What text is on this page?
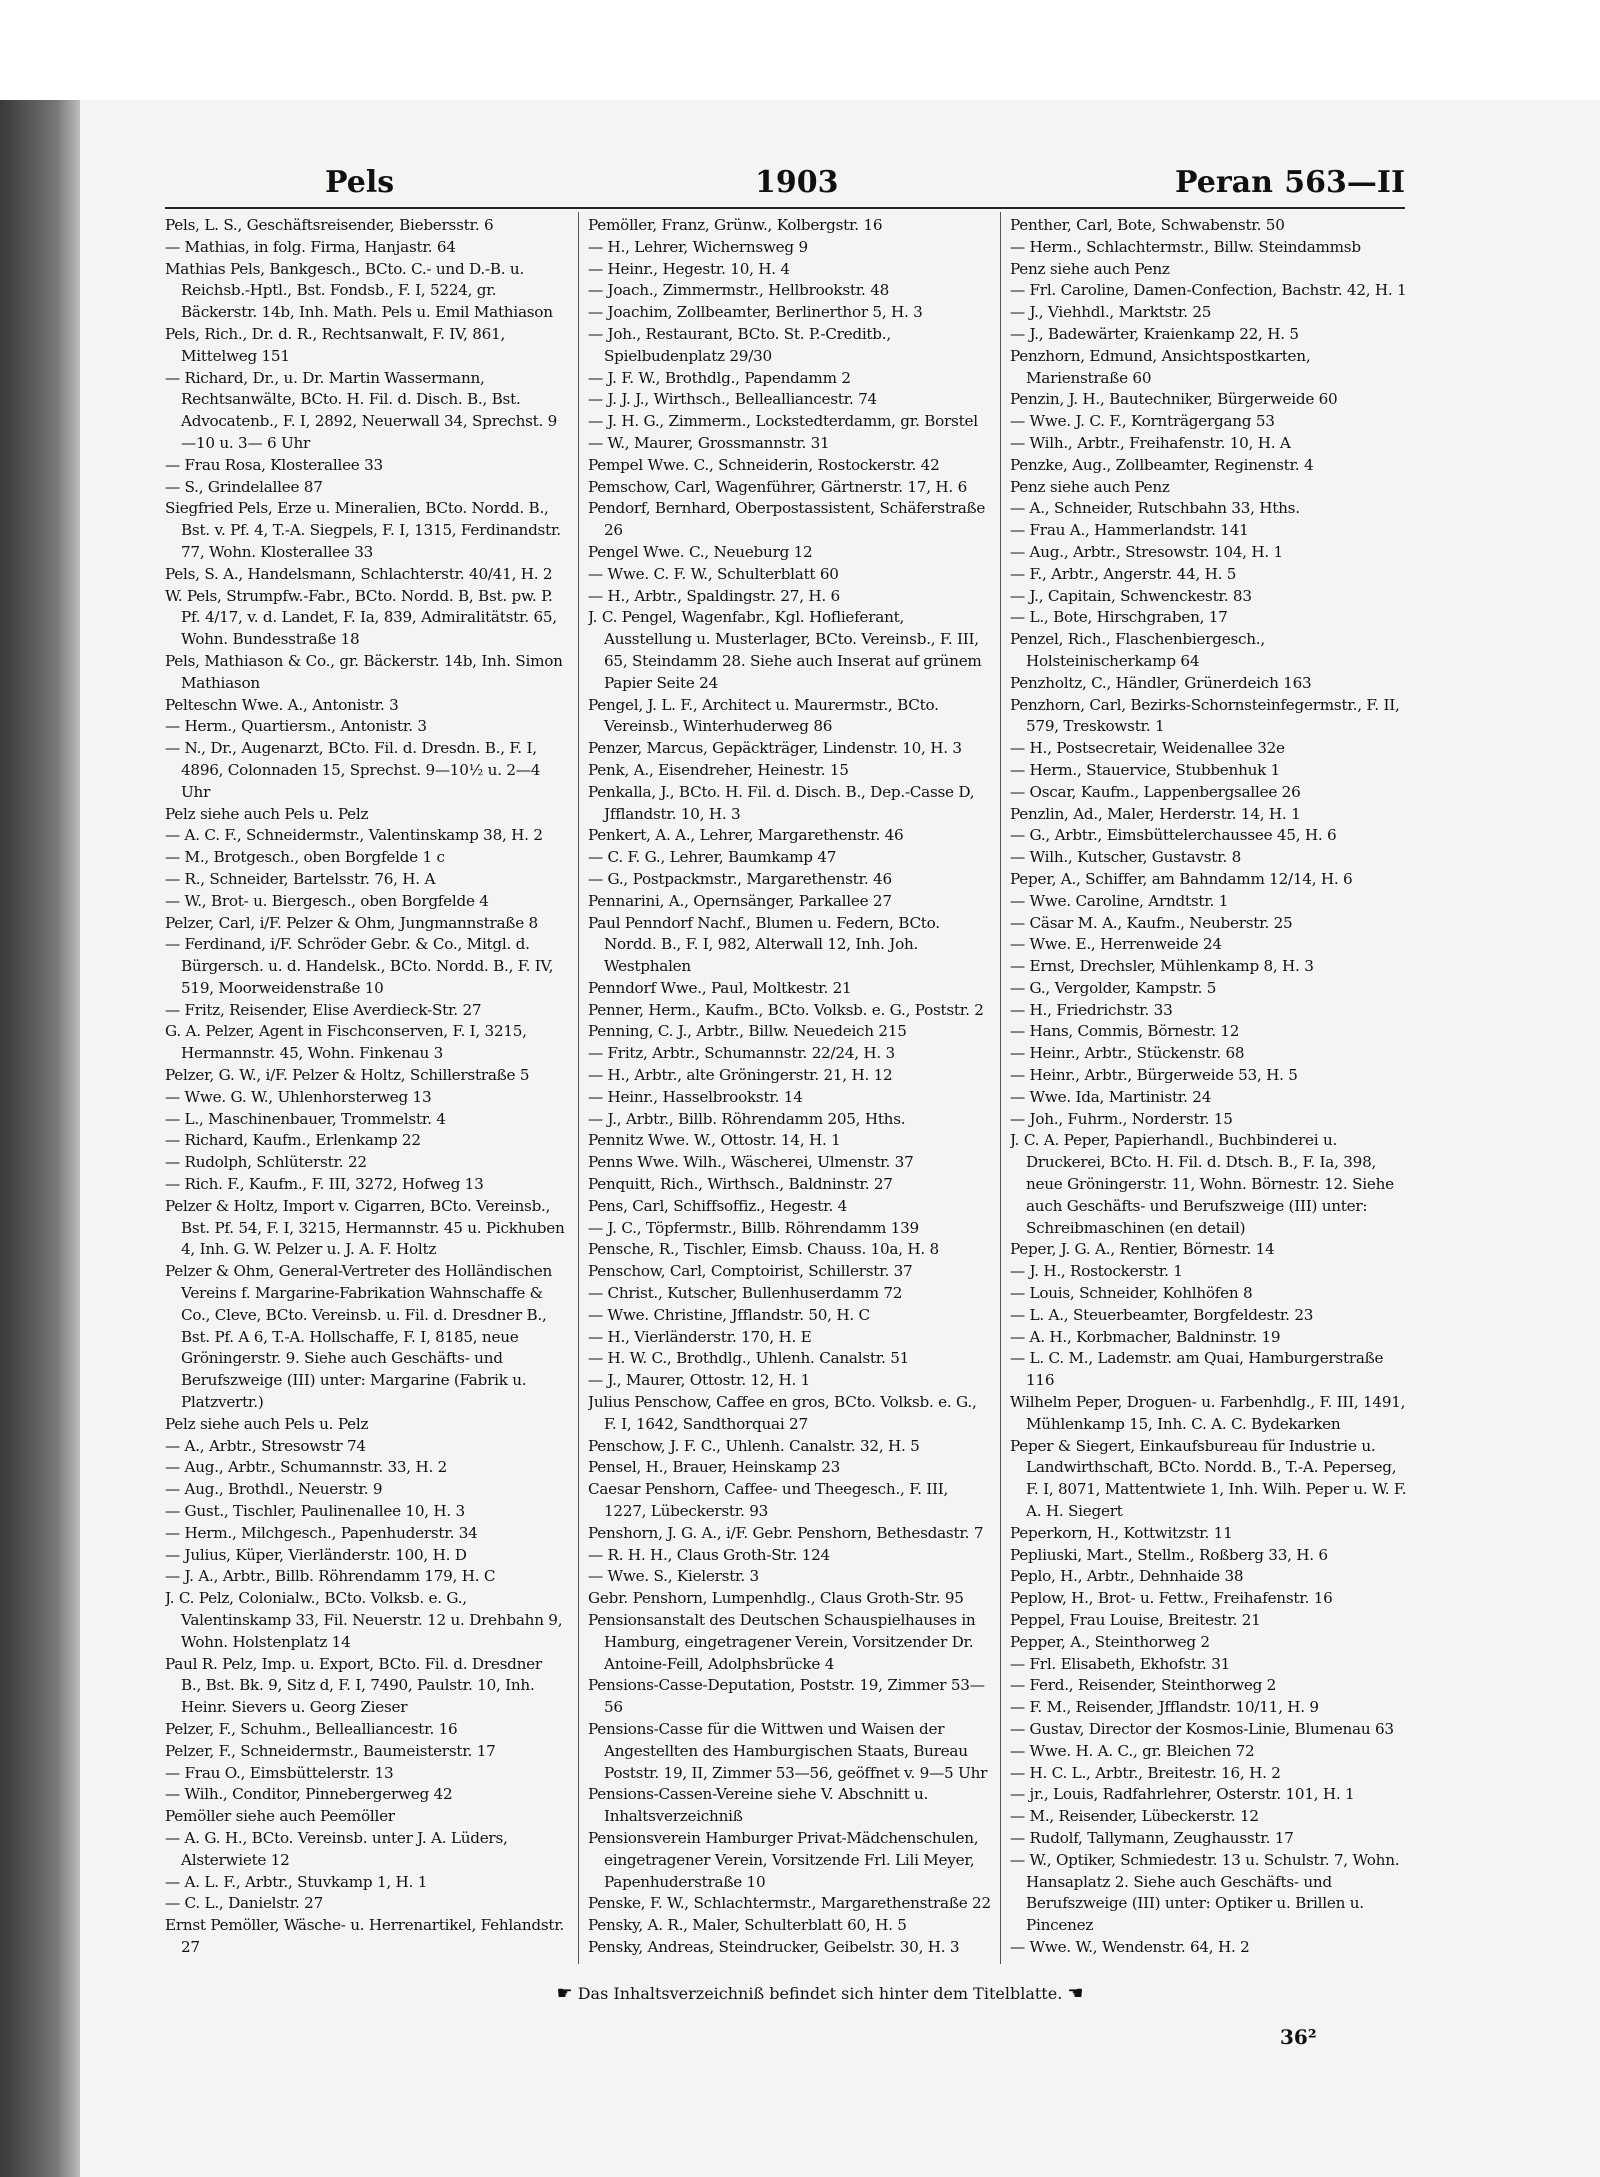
Pels	1903	Peran 563—II

Pels, L. S., Geschäftsreisender, Biebersstr. 6

— Mathias, in folg. Firma, Hanjastr. 64

Mathias Pels, Bankgesch., BCto. C.- und D.-B. u. Reichsb.-Hptl., Bst. Fondsb., F. I, 5224, gr. Bäckerstr. 14b, Inh. Math. Pels u. Emil Mathiason

Pels, Rich., Dr. d. R., Rechtsanwalt, F. IV, 861, Mittelweg 151

— Richard, Dr., u. Dr. Martin Wassermann, Rechtsanwälte, BCto. H. Fil. d. Disch. B., Bst. Advocatenb., F. I, 2892, Neuerwall 34, Sprechst. 9—10 u. 3— 6 Uhr

— Frau Rosa, Klosterallee 33

— S., Grindelallee 87

Siegfried Pels, Erze u. Mineralien, BCto. Nordd. B., Bst. v. Pf. 4, T.-A. Siegpels, F. I, 1315, Ferdinandstr. 77, Wohn. Klosterallee 33

Pels, S. A., Handelsmann, Schlachterstr. 40/41, H. 2

W. Pels, Strumpfw.-Fabr., BCto. Nordd. B, Bst. pw. P. Pf. 4/17, v. d. Landet, F. Ia, 839, Admiralitätstr. 65, Wohn. Bundesstraße 18

Pels, Mathiason & Co., gr. Bäckerstr. 14b, Inh. Simon Mathiason

Pelteschn Wwe. A., Antonistr. 3

— Herm., Quartiersm., Antonistr. 3

— N., Dr., Augenarzt, BCto. Fil. d. Dresdn. B., F. I, 4896, Colonnaden 15, Sprechst. 9—10½ u. 2—4 Uhr

Pelz siehe auch Pels u. Pelz

— A. C. F., Schneidermstr., Valentinskamp 38, H. 2

— M., Brotgesch., oben Borgfelde 1 c

— R., Schneider, Bartelsstr. 76, H. A

— W., Brot- u. Biergesch., oben Borgfelde 4

Pelzer, Carl, i/F. Pelzer & Ohm, Jungmannstraße 8

— Ferdinand, i/F. Schröder Gebr. & Co., Mitgl. d. Bürgersch. u. d. Handelsk., BCto. Nordd. B., F. IV, 519, Moorweidenstraße 10

— Fritz, Reisender, Elise Averdieck-Str. 27

G. A. Pelzer, Agent in Fischconserven, F. I, 3215, Hermannstr. 45, Wohn. Finkenau 3

Pelzer, G. W., i/F. Pelzer & Holtz, Schillerstraße 5

— Wwe. G. W., Uhlenhorsterweg 13

— L., Maschinenbauer, Trommelstr. 4

— Richard, Kaufm., Erlenkamp 22

— Rudolph, Schlüterstr. 22

— Rich. F., Kaufm., F. III, 3272, Hofweg 13

Pelzer & Holtz, Import v. Cigarren, BCto. Vereinsb., Bst. Pf. 54, F. I, 3215, Hermannstr. 45 u. Pickhuben 4, Inh. G. W. Pelzer u. J. A. F. Holtz

Pelzer & Ohm, General-Vertreter des Holländischen Vereins f. Margarine-Fabrikation Wahnschaffe & Co., Cleve, BCto. Vereinsb. u. Fil. d. Dresdner B., Bst. Pf. A 6, T.-A. Hollschaffe, F. I, 8185, neue Gröningerstr. 9. Siehe auch Geschäfts- und Berufszweige (III) unter: Margarine (Fabrik u. Platzvertr.)

Pelz siehe auch Pels u. Pelz

— A., Arbtr., Stresowstr 74

— Aug., Arbtr., Schumannstr. 33, H. 2

— Aug., Brothdl., Neuerstr. 9

— Gust., Tischler, Paulinenallee 10, H. 3

— Herm., Milchgesch., Papenhuderstr. 34

— Julius, Küper, Vierländerstr. 100, H. D

— J. A., Arbtr., Billb. Röhrendamm 179, H. C

J. C. Pelz, Colonialw., BCto. Volksb. e. G., Valentinskamp 33, Fil. Neuerstr. 12 u. Drehbahn 9, Wohn. Holstenplatz 14

Paul R. Pelz, Imp. u. Export, BCto. Fil. d. Dresdner B., Bst. Bk. 9, Sitz d, F. I, 7490, Paulstr. 10, Inh. Heinr. Sievers u. Georg Zieser

Pelzer, F., Schuhm., Bellealliancestr. 16

Pelzer, F., Schneidermstr., Baumeisterstr. 17

— Frau O., Eimsbüttelerstr. 13

— Wilh., Conditor, Pinnebergerweg 42

Pemöller siehe auch Peemöller

— A. G. H., BCto. Vereinsb. unter J. A. Lüders, Alsterwiete 12

— A. L. F., Arbtr., Stuvkamp 1, H. 1

— C. L., Danielstr. 27

Ernst Pemöller, Wäsche- u. Herrenartikel, Fehlandstr. 27

Pemöller, Franz, Grünw., Kolbergstr. 16

— H., Lehrer, Wichernsweg 9

— Heinr., Hegestr. 10, H. 4

— Joach., Zimmermstr., Hellbrookstr. 48

— Joachim, Zollbeamter, Berlinerthor 5, H. 3

— Joh., Restaurant, BCto. St. P.-Creditb., Spielbudenplatz 29/30

— J. F. W., Brothdlg., Papendamm 2

— J. J. J., Wirthsch., Bellealliancestr. 74

— J. H. G., Zimmerm., Lockstedterdamm, gr. Borstel

— W., Maurer, Grossmannstr. 31

Pempel Wwe. C., Schneiderin, Rostockerstr. 42

Pemschow, Carl, Wagenführer, Gärtnerstr. 17, H. 6

Pendorf, Bernhard, Oberpostassistent, Schäferstraße 26

Pengel Wwe. C., Neueburg 12

— Wwe. C. F. W., Schulterblatt 60

— H., Arbtr., Spaldingstr. 27, H. 6

J. C. Pengel, Wagenfabr., Kgl. Hoflieferant, Ausstellung u. Musterlager, BCto. Vereinsb., F. III, 65, Steindamm 28. Siehe auch Inserat auf grünem Papier Seite 24

Pengel, J. L. F., Architect u. Maurermstr., BCto. Vereinsb., Winterhuderweg 86

Penzer, Marcus, Gepäckträger, Lindenstr. 10, H. 3

Penk, A., Eisendreher, Heinestr. 15

Penkalla, J., BCto. H. Fil. d. Disch. B., Dep.-Casse D, Jfflandstr. 10, H. 3

Penkert, A. A., Lehrer, Margarethenstr. 46

— C. F. G., Lehrer, Baumkamp 47

— G., Postpackmstr., Margarethenstr. 46

Pennarini, A., Opernsänger, Parkallee 27

Paul Penndorf Nachf., Blumen u. Federn, BCto. Nordd. B., F. I, 982, Alterwall 12, Inh. Joh. Westphalen

Penndorf Wwe., Paul, Moltkestr. 21

Penner, Herm., Kaufm., BCto. Volksb. e. G., Poststr. 2

Penning, C. J., Arbtr., Billw. Neuedeich 215

— Fritz, Arbtr., Schumannstr. 22/24, H. 3

— H., Arbtr., alte Gröningerstr. 21, H. 12

— Heinr., Hasselbrookstr. 14

— J., Arbtr., Billb. Röhrendamm 205, Hths.

Pennitz Wwe. W., Ottostr. 14, H. 1

Penns Wwe. Wilh., Wäscherei, Ulmenstr. 37

Penquitt, Rich., Wirthsch., Baldninstr. 27

Pens, Carl, Schiffsoffiz., Hegestr. 4

— J. C., Töpfermstr., Billb. Röhrendamm 139

Pensche, R., Tischler, Eimsb. Chauss. 10a, H. 8

Penschow, Carl, Comptoirist, Schillerstr. 37

— Christ., Kutscher, Bullenhuserdamm 72

— Wwe. Christine, Jfflandstr. 50, H. C

— H., Vierländerstr. 170, H. E

— H. W. C., Brothdlg., Uhlenh. Canalstr. 51

— J., Maurer, Ottostr. 12, H. 1

Julius Penschow, Caffee en gros, BCto. Volksb. e. G., F. I, 1642, Sandthorquai 27

Penschow, J. F. C., Uhlenh. Canalstr. 32, H. 5

Pensel, H., Brauer, Heinskamp 23

Caesar Penshorn, Caffee- und Theegesch., F. III, 1227, Lübeckerstr. 93

Penshorn, J. G. A., i/F. Gebr. Penshorn, Bethesdastr. 7

— R. H. H., Claus Groth-Str. 124

— Wwe. S., Kielerstr. 3

Gebr. Penshorn, Lumpenhdlg., Claus Groth-Str. 95

Pensionsanstalt des Deutschen Schauspielhauses in Hamburg, eingetragener Verein, Vorsitzender Dr. Antoine-Feill, Adolphsbrücke 4

Pensions-Casse-Deputation, Poststr. 19, Zimmer 53—56

Pensions-Casse für die Wittwen und Waisen der Angestellten des Hamburgischen Staats, Bureau Poststr. 19, II, Zimmer 53—56, geöffnet v. 9—5 Uhr

Pensions-Cassen-Vereine siehe V. Abschnitt u. Inhaltsverzeichniß

Pensionsverein Hamburger Privat-Mädchenschulen, eingetragener Verein, Vorsitzende Frl. Lili Meyer, Papenhuderstraße 10

Penske, F. W., Schlachtermstr., Margarethenstraße 22

Pensky, A. R., Maler, Schulterblatt 60, H. 5

Pensky, Andreas, Steindrucker, Geibelstr. 30, H. 3

Penther, Carl, Bote, Schwabenstr. 50

— Herm., Schlachtermstr., Billw. Steindammsb

Penz siehe auch Penz

— Frl. Caroline, Damen-Confection, Bachstr. 42, H. 1

— J., Viehhdl., Marktstr. 25

— J., Badewärter, Kraienkamp 22, H. 5

Penzhorn, Edmund, Ansichtspostkarten, Marienstraße 60

Penzin, J. H., Bautechniker, Bürgerweide 60

— Wwe. J. C. F., Kornträgergang 53

— Wilh., Arbtr., Freihafenstr. 10, H. A

Penzke, Aug., Zollbeamter, Reginenstr. 4

Penz siehe auch Penz

— A., Schneider, Rutschbahn 33, Hths.

— Frau A., Hammerlandstr. 141

— Aug., Arbtr., Stresowstr. 104, H. 1

— F., Arbtr., Angerstr. 44, H. 5

— J., Capitain, Schwenckestr. 83

— L., Bote, Hirschgraben, 17

Penzel, Rich., Flaschenbiergesch., Holsteinischerkamp 64

Penzholtz, C., Händler, Grünerdeich 163

Penzhorn, Carl, Bezirks-Schornsteinfegermstr., F. II, 579, Treskowstr. 1

— H., Postsecretair, Weidenallee 32e

— Herm., Stauervice, Stubbenhuk 1

— Oscar, Kaufm., Lappenbergsallee 26

Penzlin, Ad., Maler, Herderstr. 14, H. 1

— G., Arbtr., Eimsbüttelerchaussee 45, H. 6

— Wilh., Kutscher, Gustavstr. 8

Peper, A., Schiffer, am Bahndamm 12/14, H. 6

— Wwe. Caroline, Arndtstr. 1

— Cäsar M. A., Kaufm., Neuberstr. 25

— Wwe. E., Herrenweide 24

— Ernst, Drechsler, Mühlenkamp 8, H. 3

— G., Vergolder, Kampstr. 5

— H., Friedrichstr. 33

— Hans, Commis, Börnestr. 12

— Heinr., Arbtr., Stückenstr. 68

— Heinr., Arbtr., Bürgerweide 53, H. 5

— Wwe. Ida, Martinistr. 24

— Joh., Fuhrm., Norderstr. 15

J. C. A. Peper, Papierhandl., Buchbinderei u. Druckerei, BCto. H. Fil. d. Dtsch. B., F. Ia, 398, neue Gröningerstr. 11, Wohn. Börnestr. 12. Siehe auch Geschäfts- und Berufszweige (III) unter: Schreibmaschinen (en detail)

Peper, J. G. A., Rentier, Börnestr. 14

— J. H., Rostockerstr. 1

— Louis, Schneider, Kohlhöfen 8

— L. A., Steuerbeamter, Borgfeldestr. 23

— A. H., Korbmacher, Baldninstr. 19

— L. C. M., Lademstr. am Quai, Hamburgerstraße 116

Wilhelm Peper, Droguen- u. Farbenhdlg., F. III, 1491, Mühlenkamp 15, Inh. C. A. C. Bydekarken

Peper & Siegert, Einkaufsbureau für Industrie u. Landwirthschaft, BCto. Nordd. B., T.-A. Peperseg, F. I, 8071, Mattentwiete 1, Inh. Wilh. Peper u. W. F. A. H. Siegert

Peperkorn, H., Kottwitzstr. 11

Pepliuski, Mart., Stellm., Roßberg 33, H. 6

Peplo, H., Arbtr., Dehnhaide 38

Peplow, H., Brot- u. Fettw., Freihafenstr. 16

Peppel, Frau Louise, Breitestr. 21

Pepper, A., Steinthorweg 2

— Frl. Elisabeth, Ekhofstr. 31

— Ferd., Reisender, Steinthorweg 2

— F. M., Reisender, Jfflandstr. 10/11, H. 9

— Gustav, Director der Kosmos-Linie, Blumenau 63

— Wwe. H. A. C., gr. Bleichen 72

— H. C. L., Arbtr., Breitestr. 16, H. 2

— jr., Louis, Radfahrlehrer, Osterstr. 101, H. 1

— M., Reisender, Lübeckerstr. 12

— Rudolf, Tallymann, Zeughausstr. 17

— W., Optiker, Schmiedestr. 13 u. Schulstr. 7, Wohn. Hansaplatz 2. Siehe auch Geschäfts- und Berufszweige (III) unter: Optiker u. Brillen u. Pincenez

— Wwe. W., Wendenstr. 64, H. 2

☛ Das Inhaltsverzeichniß befindet sich hinter dem Titelblatte. ☚
36²
